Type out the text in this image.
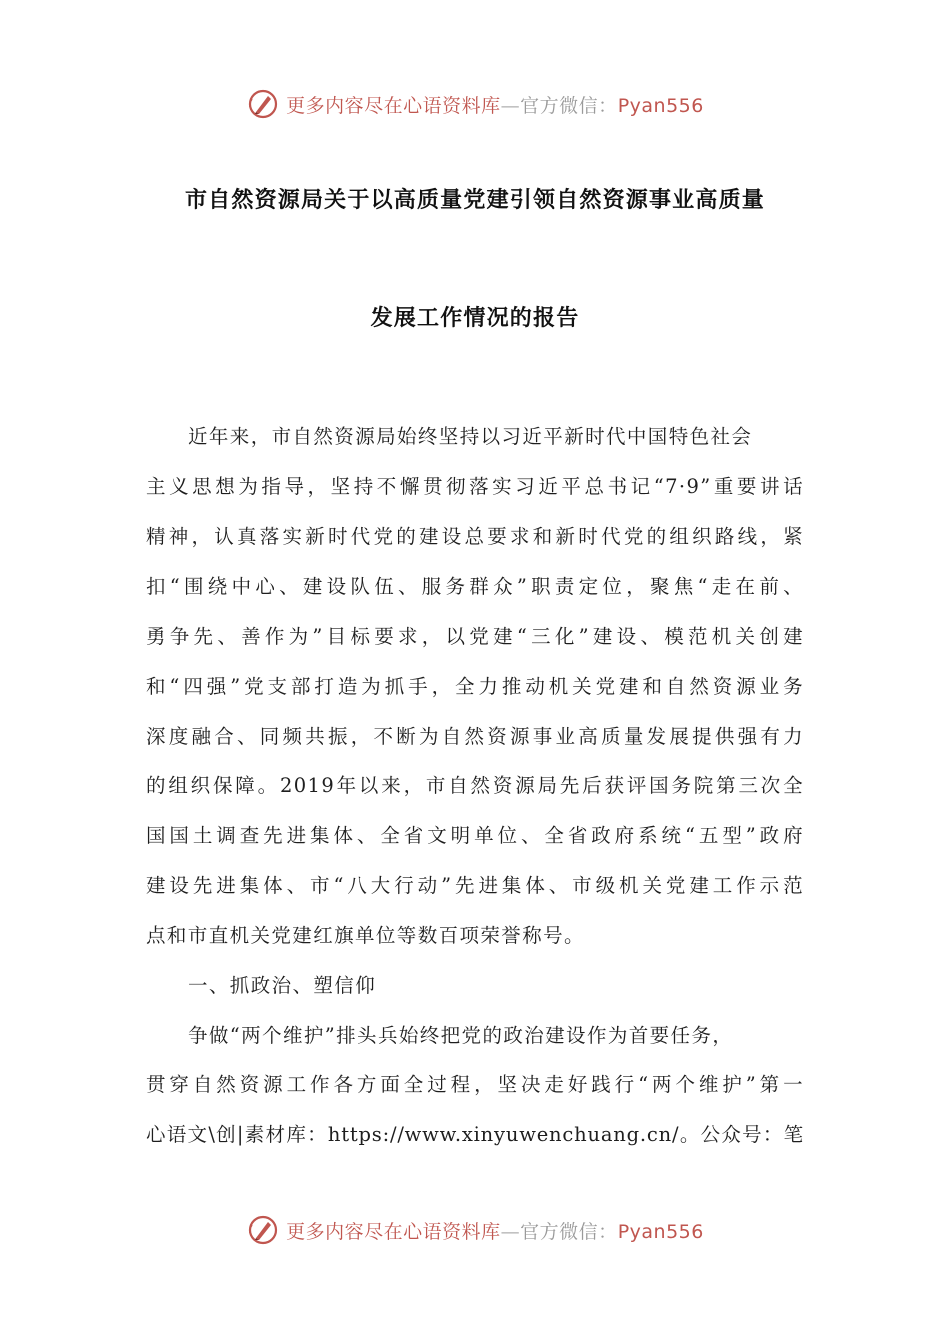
更多内容尽在心语资料库—官方微信：Pyan556
市自然资源局关于以高质量党建引领自然资源事业高质量
发展工作情况的报告
近年来，市自然资源局始终坚持以习近平新时代中国特色社会
主义思想为指导，坚持不懈贯彻落实习近平总书记“7·9”重要讲话
精神，认真落实新时代党的建设总要求和新时代党的组织路线，紧
扣“围绕中心、建设队伍、服务群众”职责定位，聚焦“走在前、
勇争先、善作为”目标要求，以党建“三化”建设、模范机关创建
和“四强”党支部打造为抓手，全力推动机关党建和自然资源业务
深度融合、同频共振，不断为自然资源事业高质量发展提供强有力
的组织保障。2019年以来，市自然资源局先后获评国务院第三次全
国国土调查先进集体、全省文明单位、全省政府系统“五型”政府
建设先进集体、市“八大行动”先进集体、市级机关党建工作示范
点和市直机关党建红旗单位等数百项荣誉称号。
一、抓政治、塑信仰
争做“两个维护”排头兵始终把党的政治建设作为首要任务，
贯穿自然资源工作各方面全过程，坚决走好践行“两个维护”第一
心语文\创|素材库：https://www.xinyuwenchuang.cn/。公众号：笔
更多内容尽在心语资料库—官方微信：Pyan556
